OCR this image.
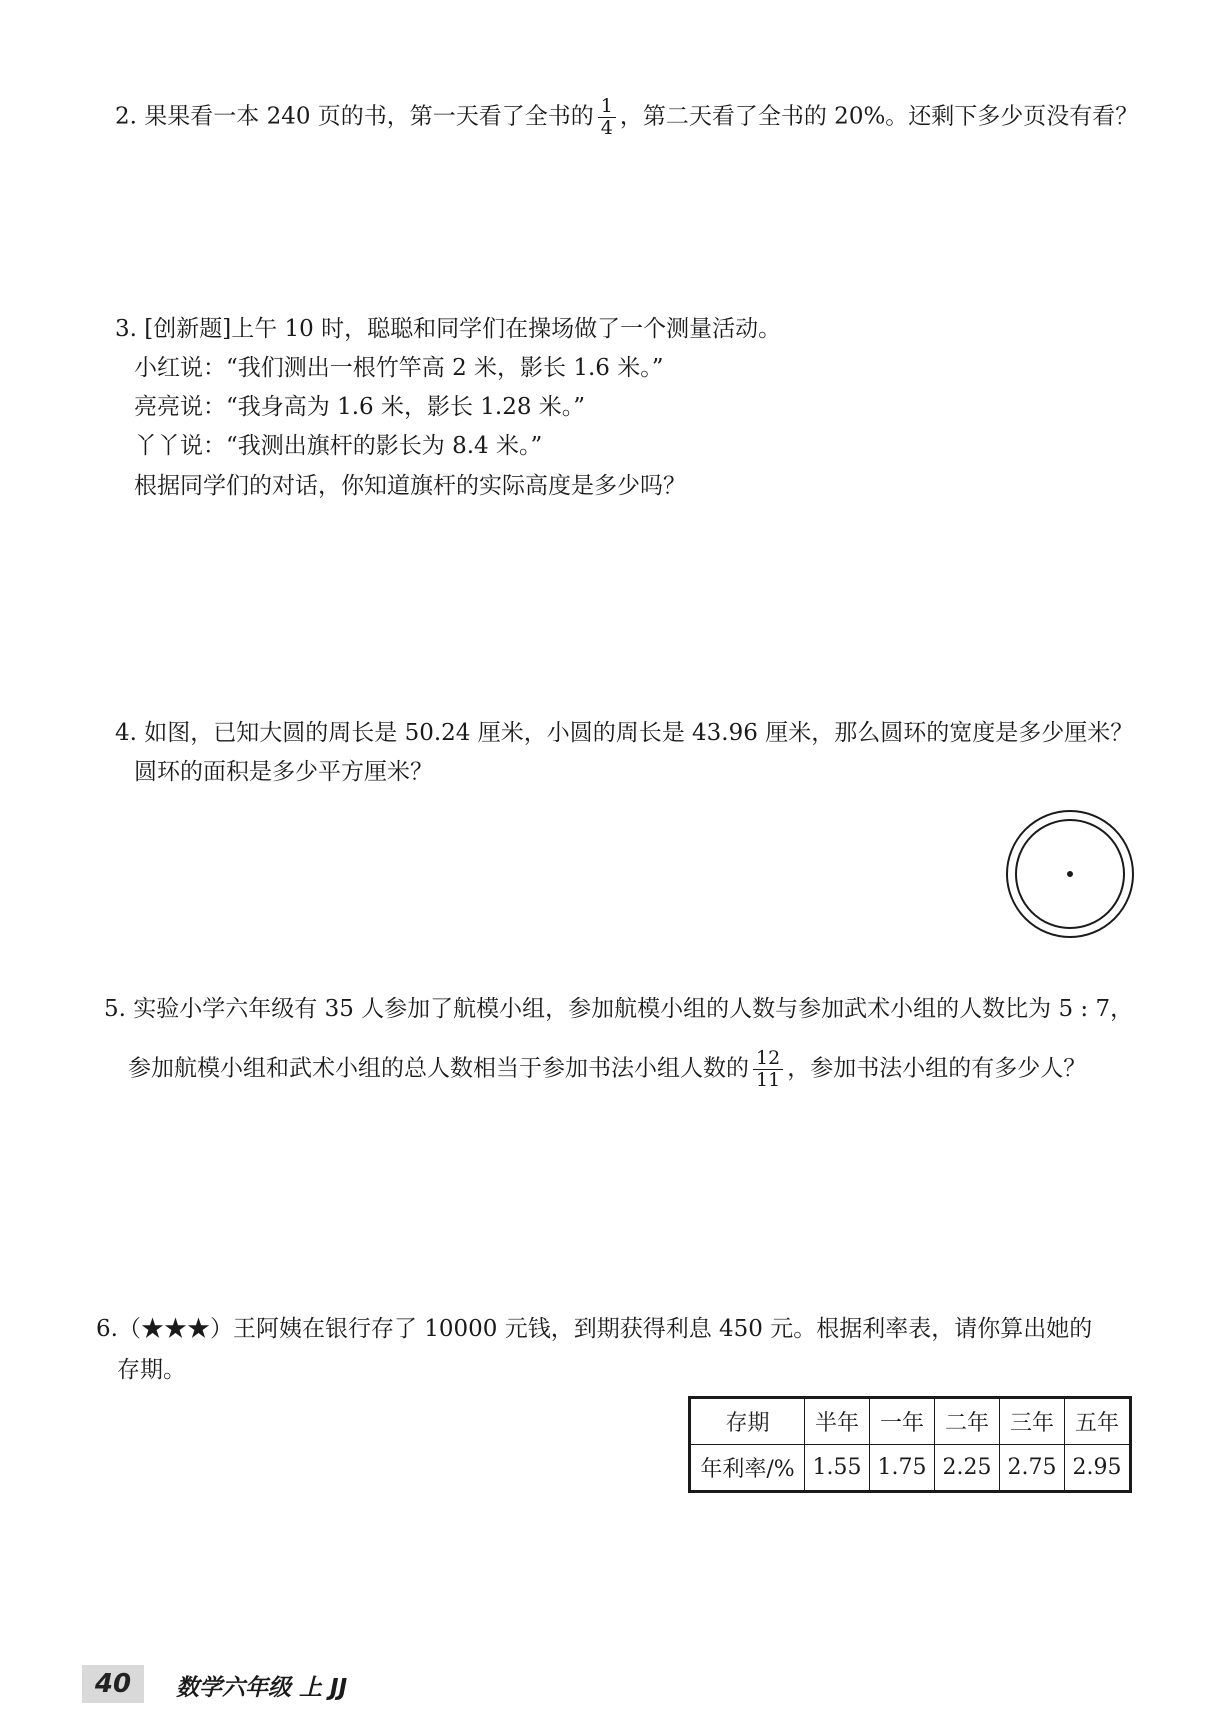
2. 果果看一本 240 页的书，第一天看了全书的 $\frac{1}{4}$ ，第二天看了全书的 20%。还剩下多少页没有看？
3. [创新题]上午 10 时，聪聪和同学们在操场做了一个测量活动。
小红说：“我们测出一根竹竿高 2 米，影长 1.6 米。”
亮亮说：“我身高为 1.6 米，影长 1.28 米。”
丫丫说：“我测出旗杆的影长为 8.4 米。”
根据同学们的对话，你知道旗杆的实际高度是多少吗？
4. 如图，已知大圆的周长是 50.24 厘米，小圆的周长是 43.96 厘米，那么圆环的宽度是多少厘米？
圆环的面积是多少平方厘米？
5. 实验小学六年级有 35 人参加了航模小组，参加航模小组的人数与参加武术小组的人数比为 5 : 7，
参加航模小组和武术小组的总人数相当于参加书法小组人数的 $\frac{12}{11}$ ，参加书法小组的有多少人？
6.（★★★）王阿姨在银行存了 10000 元钱，到期获得利息 450 元。根据利率表，请你算出她的
存期。
存期	半年	一年	二年	三年	五年
年利率/%	1.55	1.75	2.25	2.75	2.95
40	数学六年级 上 JJ
